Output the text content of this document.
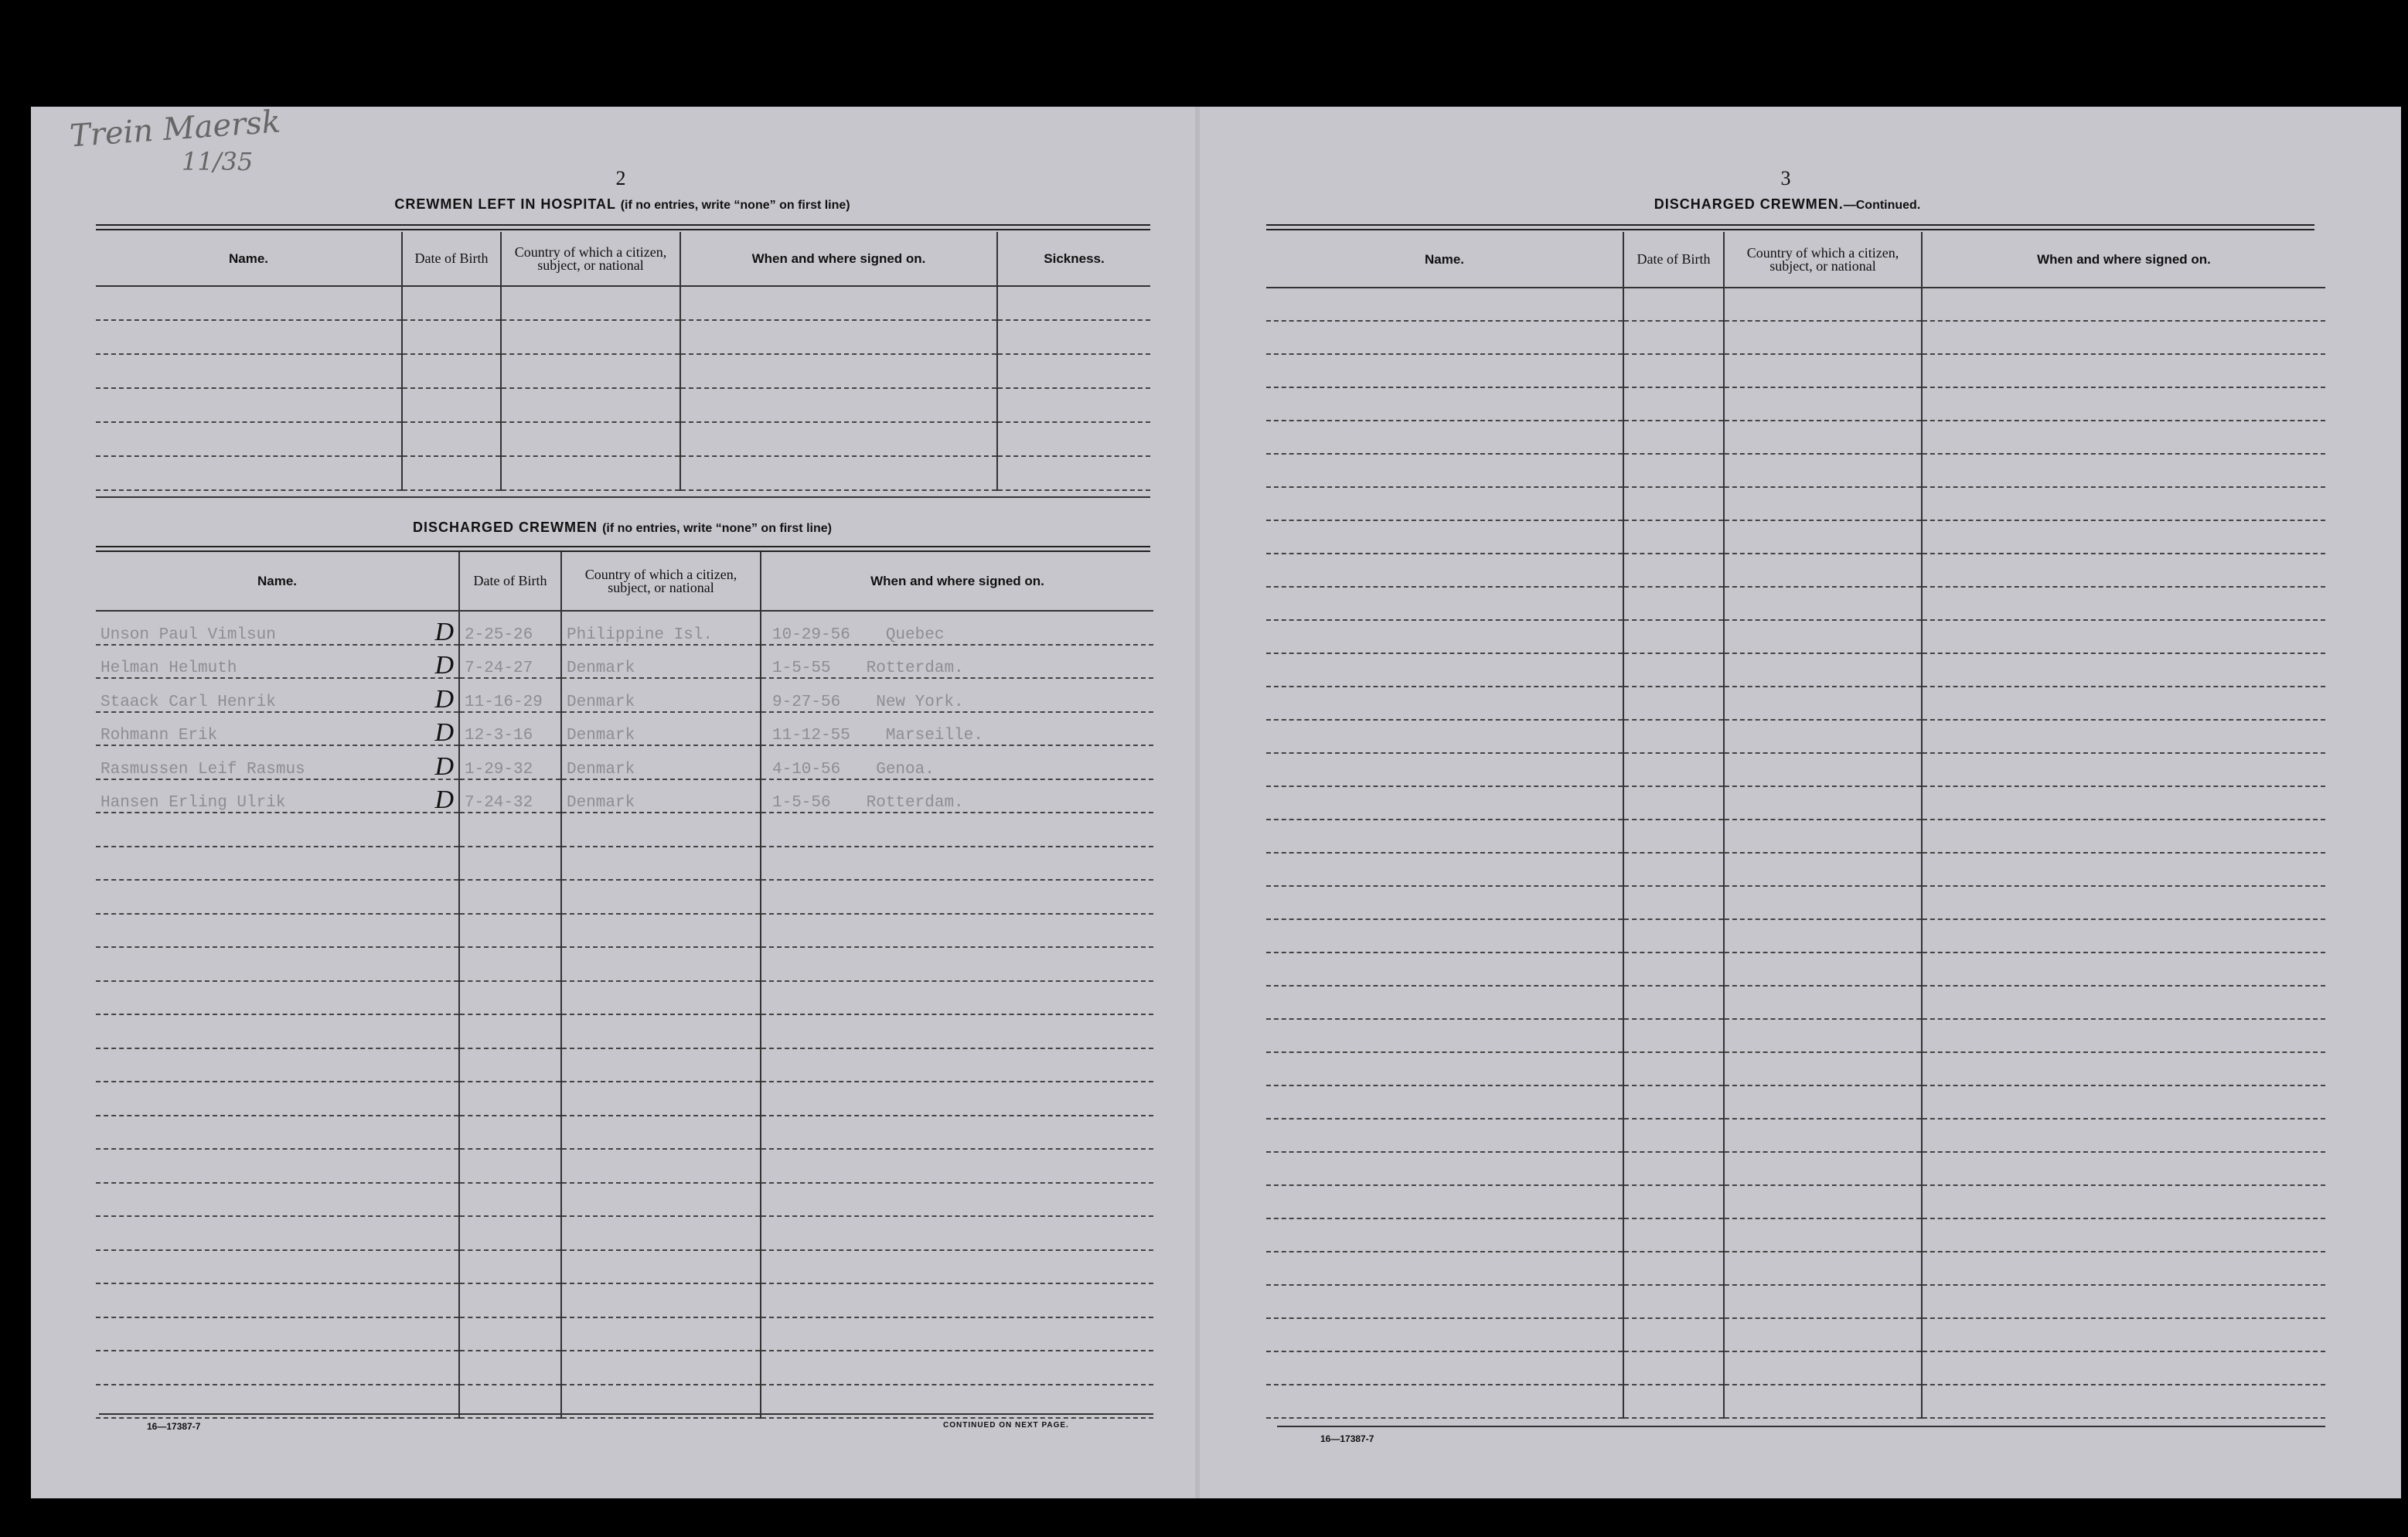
Trein Maersk
11/35
2
CREWMEN LEFT IN HOSPITAL (if no entries, write “none” on first line)
Name.	Date of Birth	Country of which a citizen, subject, or national	When and where signed on.	Sickness.

DISCHARGED CREWMEN (if no entries, write “none” on first line)
Name.	Date of Birth	Country of which a citizen, subject, or national	When and where signed on.
Unson Paul Vimlsun D	2-25-26	Philippine Isl.	10-29-56 Quebec
Helman Helmuth D	7-24-27	Denmark	1-5-55 Rotterdam.
Staack Carl Henrik D	11-16-29	Denmark	9-27-56 New York.
Rohmann Erik D	12-3-16	Denmark	11-12-55 Marseille.
Rasmussen Leif Rasmus D	1-29-32	Denmark	4-10-56 Genoa.
Hansen Erling Ulrik D	7-24-32	Denmark	1-5-56 Rotterdam.

16—17387-7	CONTINUED ON NEXT PAGE.
3
DISCHARGED CREWMEN.—Continued.
Name.	Date of Birth	Country of which a citizen, subject, or national	When and where signed on.

16—17387-7
